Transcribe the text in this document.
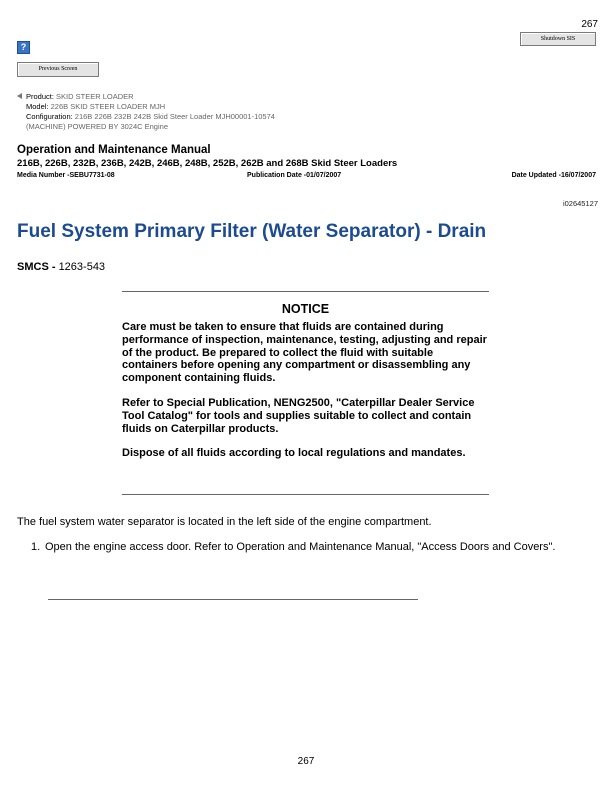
267
?
Shutdown SIS
Previous Screen
Product: SKID STEER LOADER
Model: 226B SKID STEER LOADER MJH
Configuration: 216B 226B 232B 242B Skid Steer Loader MJH00001-10574
(MACHINE) POWERED BY 3024C Engine
Operation and Maintenance Manual
216B, 226B, 232B, 236B, 242B, 246B, 248B, 252B, 262B and 268B Skid Steer Loaders
Media Number -SEBU7731-08	Publication Date -01/07/2007	Date Updated -16/07/2007
i02645127
Fuel System Primary Filter (Water Separator) - Drain
SMCS - 1263-543
NOTICE

Care must be taken to ensure that fluids are contained during performance of inspection, maintenance, testing, adjusting and repair of the product. Be prepared to collect the fluid with suitable containers before opening any compartment or disassembling any component containing fluids.

Refer to Special Publication, NENG2500, "Caterpillar Dealer Service Tool Catalog" for tools and supplies suitable to collect and contain fluids on Caterpillar products.

Dispose of all fluids according to local regulations and mandates.

The fuel system water separator is located in the left side of the engine compartment.
1. Open the engine access door. Refer to Operation and Maintenance Manual, "Access Doors and Covers".
267
